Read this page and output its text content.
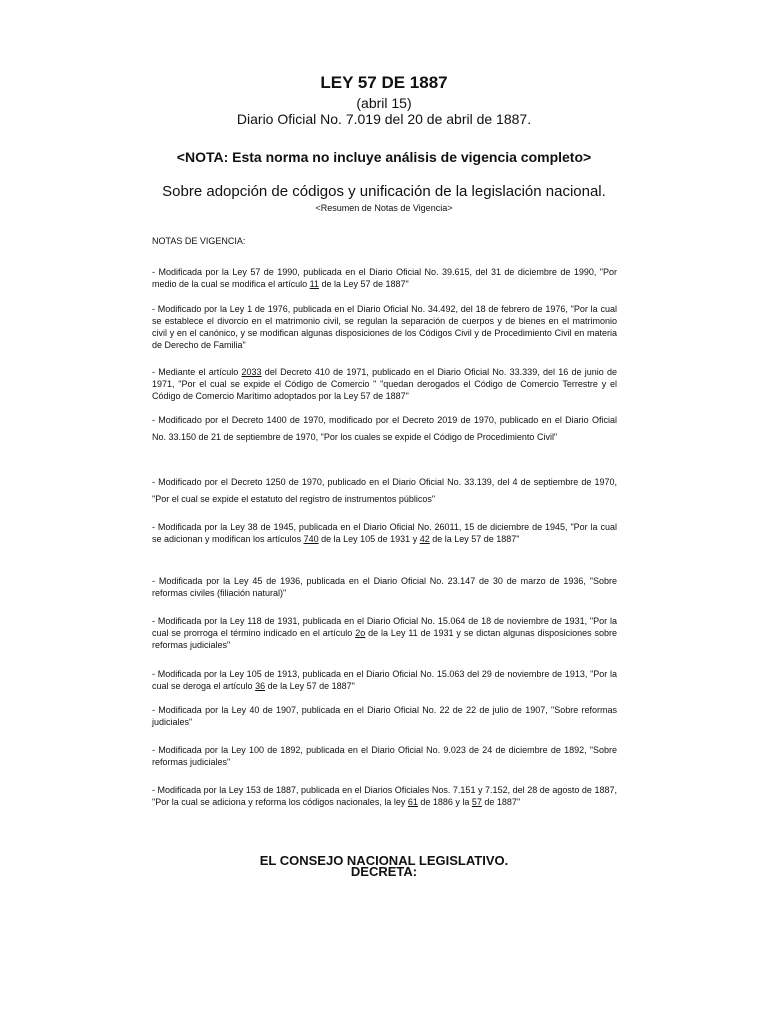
LEY 57 DE 1887
(abril 15)
Diario Oficial No. 7.019 del 20 de abril de 1887.
<NOTA: Esta norma no incluye análisis de vigencia completo>
Sobre adopción de códigos y unificación de la legislación nacional.
<Resumen de Notas de Vigencia>
NOTAS DE VIGENCIA:

- Modificada por la Ley 57 de 1990, publicada en el Diario Oficial No. 39.615, del 31 de diciembre de 1990, "Por medio de la cual se modifica el artículo 11 de la Ley 57 de 1887"

- Modificado por la Ley 1 de 1976, publicada en el Diario Oficial No. 34.492, del 18 de febrero de 1976, "Por la cual se establece el divorcio en el matrimonio civil, se regulan la separación de cuerpos y de bienes en el matrimonio civil y en el canónico, y se modifican algunas disposiciones de los Códigos Civil y de Procedimiento Civil en materia de Derecho de Familia"

- Mediante el artículo 2033 del Decreto 410 de 1971, publicado en el Diario Oficial No. 33.339, del 16 de junio de 1971, "Por el cual se expide el Código de Comercio " "quedan derogados el Código de Comercio Terrestre y el Código de Comercio Marítimo adoptados por la Ley 57 de 1887"

- Modificado por el Decreto 1400 de 1970, modificado por el Decreto 2019 de 1970, publicado en el Diario Oficial No. 33.150 de 21 de septiembre de 1970, "Por los cuales se expide el Código de Procedimiento Civil"

- Modificado por el Decreto 1250 de 1970, publicado en el Diario Oficial No. 33.139, del 4 de septiembre de 1970, "Por el cual se expide el estatuto del registro de instrumentos públicos"

- Modificada por la Ley 38 de 1945, publicada en el Diario Oficial No. 26011, 15 de diciembre de 1945, "Por la cual se adicionan y modifican los artículos 740 de la Ley 105 de 1931 y 42 de la Ley 57 de 1887"

- Modificada por la Ley 45 de 1936, publicada en el Diario Oficial No. 23.147 de 30 de marzo de 1936, "Sobre reformas civiles (filiación natural)"

- Modificada por la Ley 118 de 1931, publicada en el Diario Oficial No. 15.064 de 18 de noviembre de 1931, "Por la cual se prorroga el término indicado en el artículo 2o de la Ley 11 de 1931 y se dictan algunas disposiciones sobre reformas judiciales"

- Modificada por la Ley 105 de 1913, publicada en el Diario Oficial No. 15.063 del 29 de noviembre de 1913, "Por la cual se deroga el artículo 36 de la Ley 57 de 1887"

- Modificada por la Ley 40 de 1907, publicada en el Diario Oficial No. 22 de 22 de julio de 1907, "Sobre reformas judiciales"

- Modificada por la Ley 100 de 1892, publicada en el Diario Oficial No. 9.023 de 24 de diciembre de 1892, "Sobre reformas judiciales"

- Modificada por la Ley 153 de 1887, publicada en el Diarios Oficiales Nos. 7.151 y 7.152, del 28 de agosto de 1887, "Por la cual se adiciona y reforma los códigos nacionales, la ley 61 de 1886 y la 57 de 1887"

EL CONSEJO NACIONAL LEGISLATIVO.
DECRETA:
